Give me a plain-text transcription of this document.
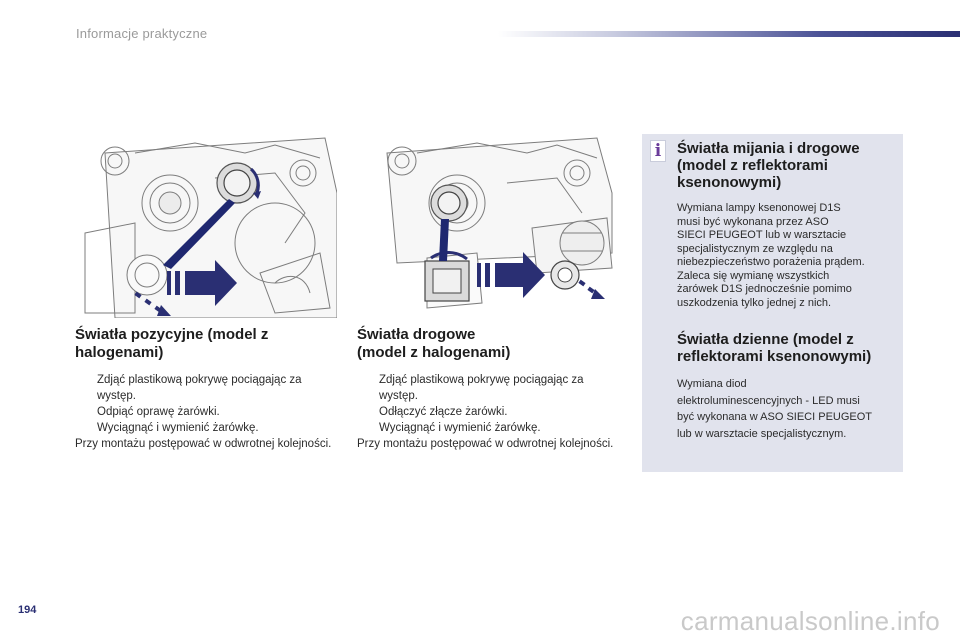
Informacje praktyczne
Światła pozycyjne (model z
halogenami)
Zdjąć plastikową pokrywę pociągając za występ.
Odpiąć oprawę żarówki.
Wyciągnąć i wymienić żarówkę.
Przy montażu postępować w odwrotnej kolejności.
Światła drogowe
(model z halogenami)
Zdjąć plastikową pokrywę pociągając za występ.
Odłączyć złącze żarówki.
Wyciągnąć i wymienić żarówkę.
Przy montażu postępować w odwrotnej kolejności.
i Światła mijania i drogowe
(model z reflektorami
ksenonowymi)
Wymiana lampy ksenonowej D1S
musi być wykonana przez ASO
SIECI PEUGEOT lub w warsztacie
specjalistycznym ze względu na
niebezpieczeństwo porażenia prądem.
Zaleca się wymianę wszystkich
żarówek D1S jednocześnie pomimo
uszkodzenia tylko jednej z nich.
Światła dzienne (model z
reflektorami ksenonowymi)
Wymiana diod
elektroluminescencyjnych - LED musi
być wykonana w ASO SIECI PEUGEOT
lub w warsztacie specjalistycznym.
194	carmanualsonline.info
